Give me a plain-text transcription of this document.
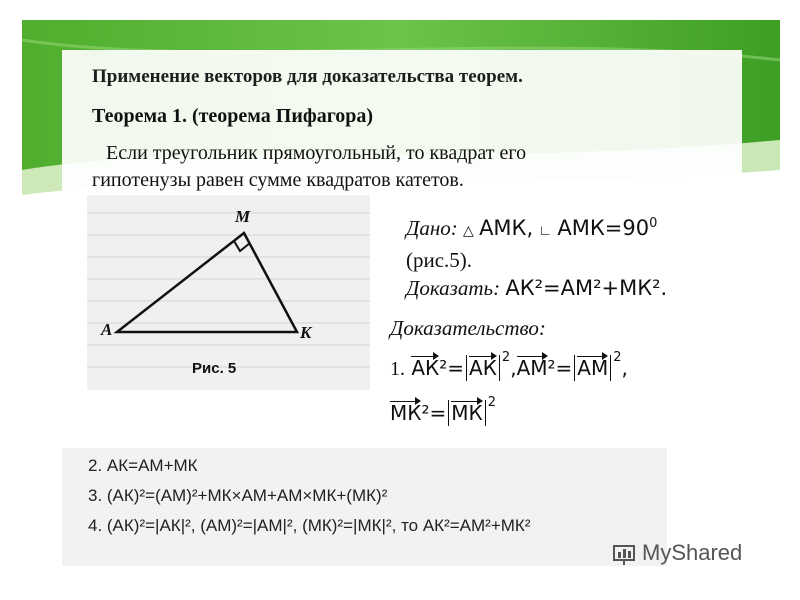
Применение векторов для доказательства теорем.
Теорема 1. (теорема Пифагора)
Если треугольник прямоугольный, то квадрат его
гипотенузы равен сумме квадратов катетов.
M
A	K
Рис. 5
Дано: △ АМК, ∟ $АМК=90^0$
(рис.5).
Доказать: АК²=АМ²+МК².
Доказательство:
1. АК²= АК $^2$,АМ²= АМ $^2$,
МК²= МК $^2$
2. АК=АМ+МК
3. (АК)²=(АМ)²+МК×АМ+АМ×МК+(МК)²
4. (АК)²=|АК|², (АМ)²=|АМ|², (МК)²=|МК|², то АК²=АМ²+МК²
MyShared
